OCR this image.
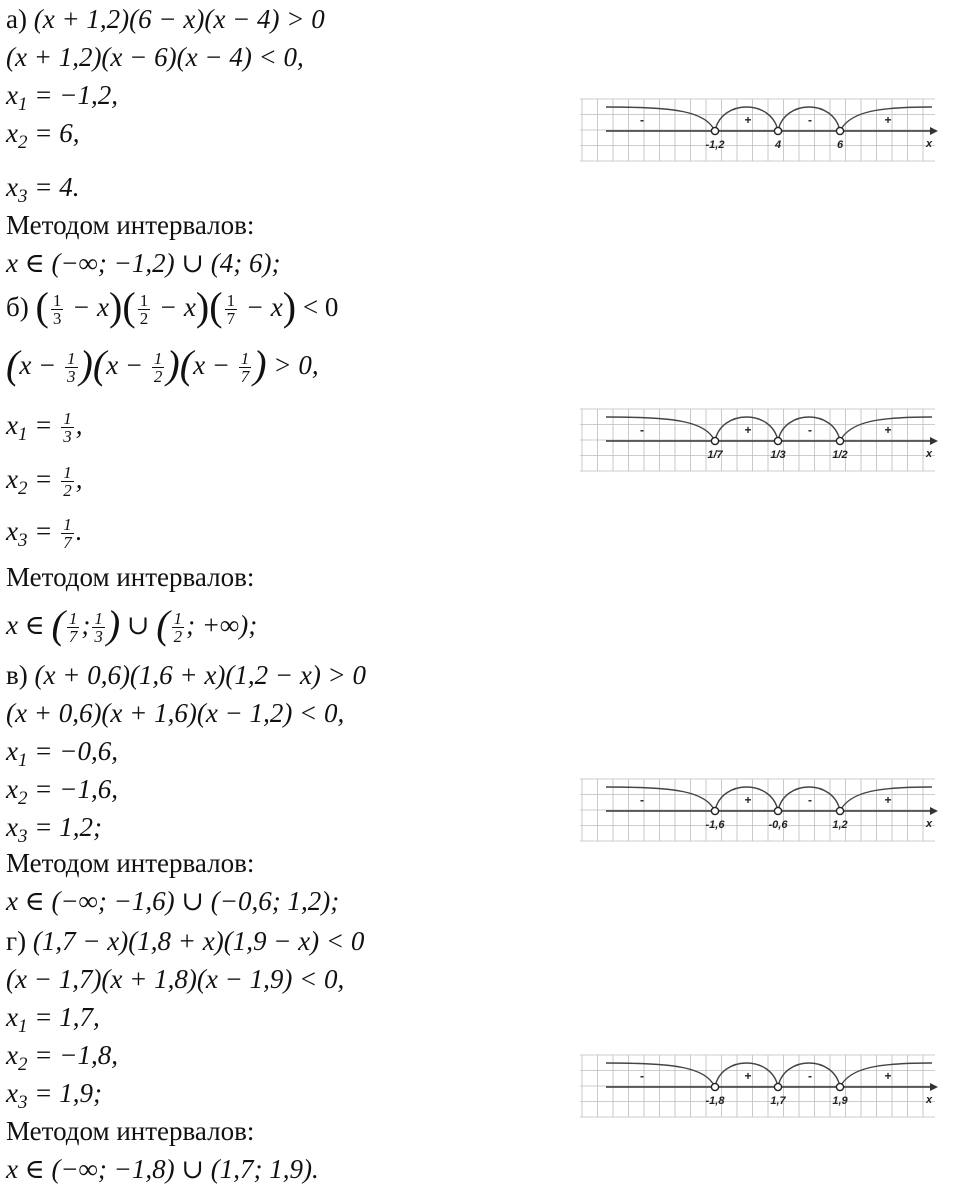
а) (x + 1,2)(6 − x)(x − 4) > 0
(x + 1,2)(x − 6)(x − 4) < 0,
$x_1 = -1,2$,
$x_2 = 6$,
$x_3 = 4$.
Методом интервалов:
x ∈ (−∞; −1,2) ∪ (4; 6);
x
-	+	-	+
-1,2	4	6
б) ( $\frac{1}{3} - x)( \frac{1}{2} - x)( \frac{1}{7} - x) < 0$
$(x - \frac{1}{3} )(x - \frac{1}{2} )(x - \frac{1}{7}$ ) > 0,
$x_1 = \frac{1}{3}$ ,
$x_2 = \frac{1}{2}$ ,
$x_3 = \frac{1}{7}$ .
Методом интервалов:
x ∈ ( $\frac{1}{7}$ ; $\frac{1}{3}$ ) ∪ ( $\frac{1}{2}$ ; +∞);
x
-	+	-	+
1/7	1/3	1/2
в) (x + 0,6)(1,6 + x)(1,2 − x) > 0
(x + 0,6)(x + 1,6)(x − 1,2) < 0,
$x_1 = -0,6$,
$x_2 = -1,6$,
$x_3 = 1,2$;
Методом интервалов:
x ∈ (−∞; −1,6) ∪ (−0,6; 1,2);
x
-	+	-	+
-1,6	-0,6	1,2
г) (1,7 − x)(1,8 + x)(1,9 − x) < 0
(x − 1,7)(x + 1,8)(x − 1,9) < 0,
$x_1 = 1,7$,
$x_2 = -1,8$,
$x_3 = 1,9$;
Методом интервалов:
x ∈ (−∞; −1,8) ∪ (1,7; 1,9).
x
-	+	-	+
-1,8	1,7	1,9
